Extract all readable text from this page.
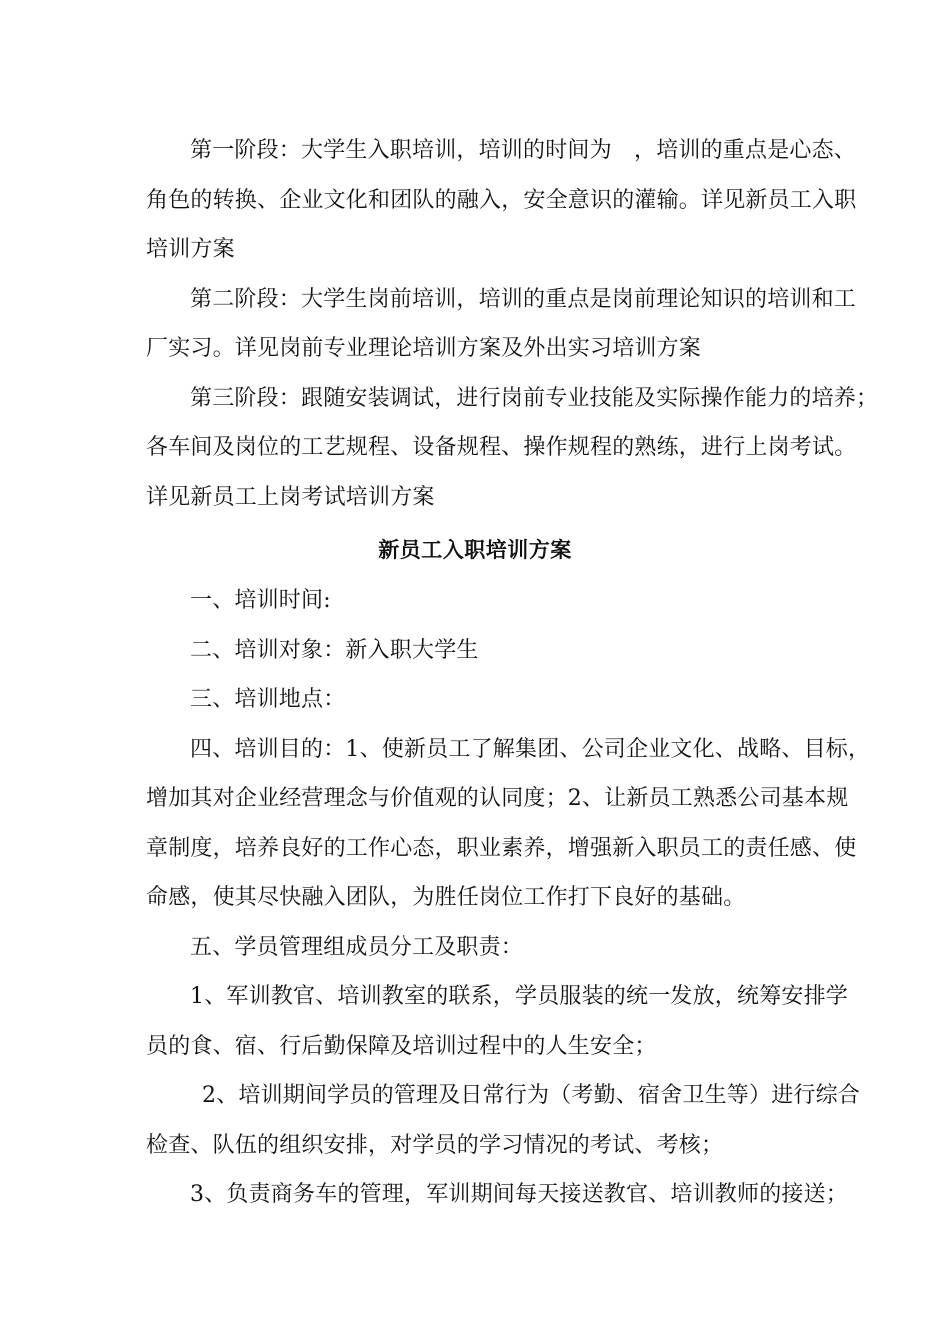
第一阶段：大学生入职培训，培训的时间为　，培训的重点是心态、
角色的转换、企业文化和团队的融入，安全意识的灌输。详见新员工入职
培训方案

第二阶段：大学生岗前培训，培训的重点是岗前理论知识的培训和工
厂实习。详见岗前专业理论培训方案及外出实习培训方案

第三阶段：跟随安装调试，进行岗前专业技能及实际操作能力的培养；
各车间及岗位的工艺规程、设备规程、操作规程的熟练，进行上岗考试。
详见新员工上岗考试培训方案

新员工入职培训方案

一、培训时间:

二、培训对象：新入职大学生

三、培训地点：

四、培训目的：1、使新员工了解集团、公司企业文化、战略、目标，
增加其对企业经营理念与价值观的认同度；2、让新员工熟悉公司基本规
章制度，培养良好的工作心态，职业素养，增强新入职员工的责任感、使
命感，使其尽快融入团队，为胜任岗位工作打下良好的基础。

五、学员管理组成员分工及职责：

1、军训教官、培训教室的联系，学员服装的统一发放，统筹安排学
员的食、宿、行后勤保障及培训过程中的人生安全；

2、培训期间学员的管理及日常行为（考勤、宿舍卫生等）进行综合
检查、队伍的组织安排，对学员的学习情况的考试、考核；

3、负责商务车的管理，军训期间每天接送教官、培训教师的接送；
